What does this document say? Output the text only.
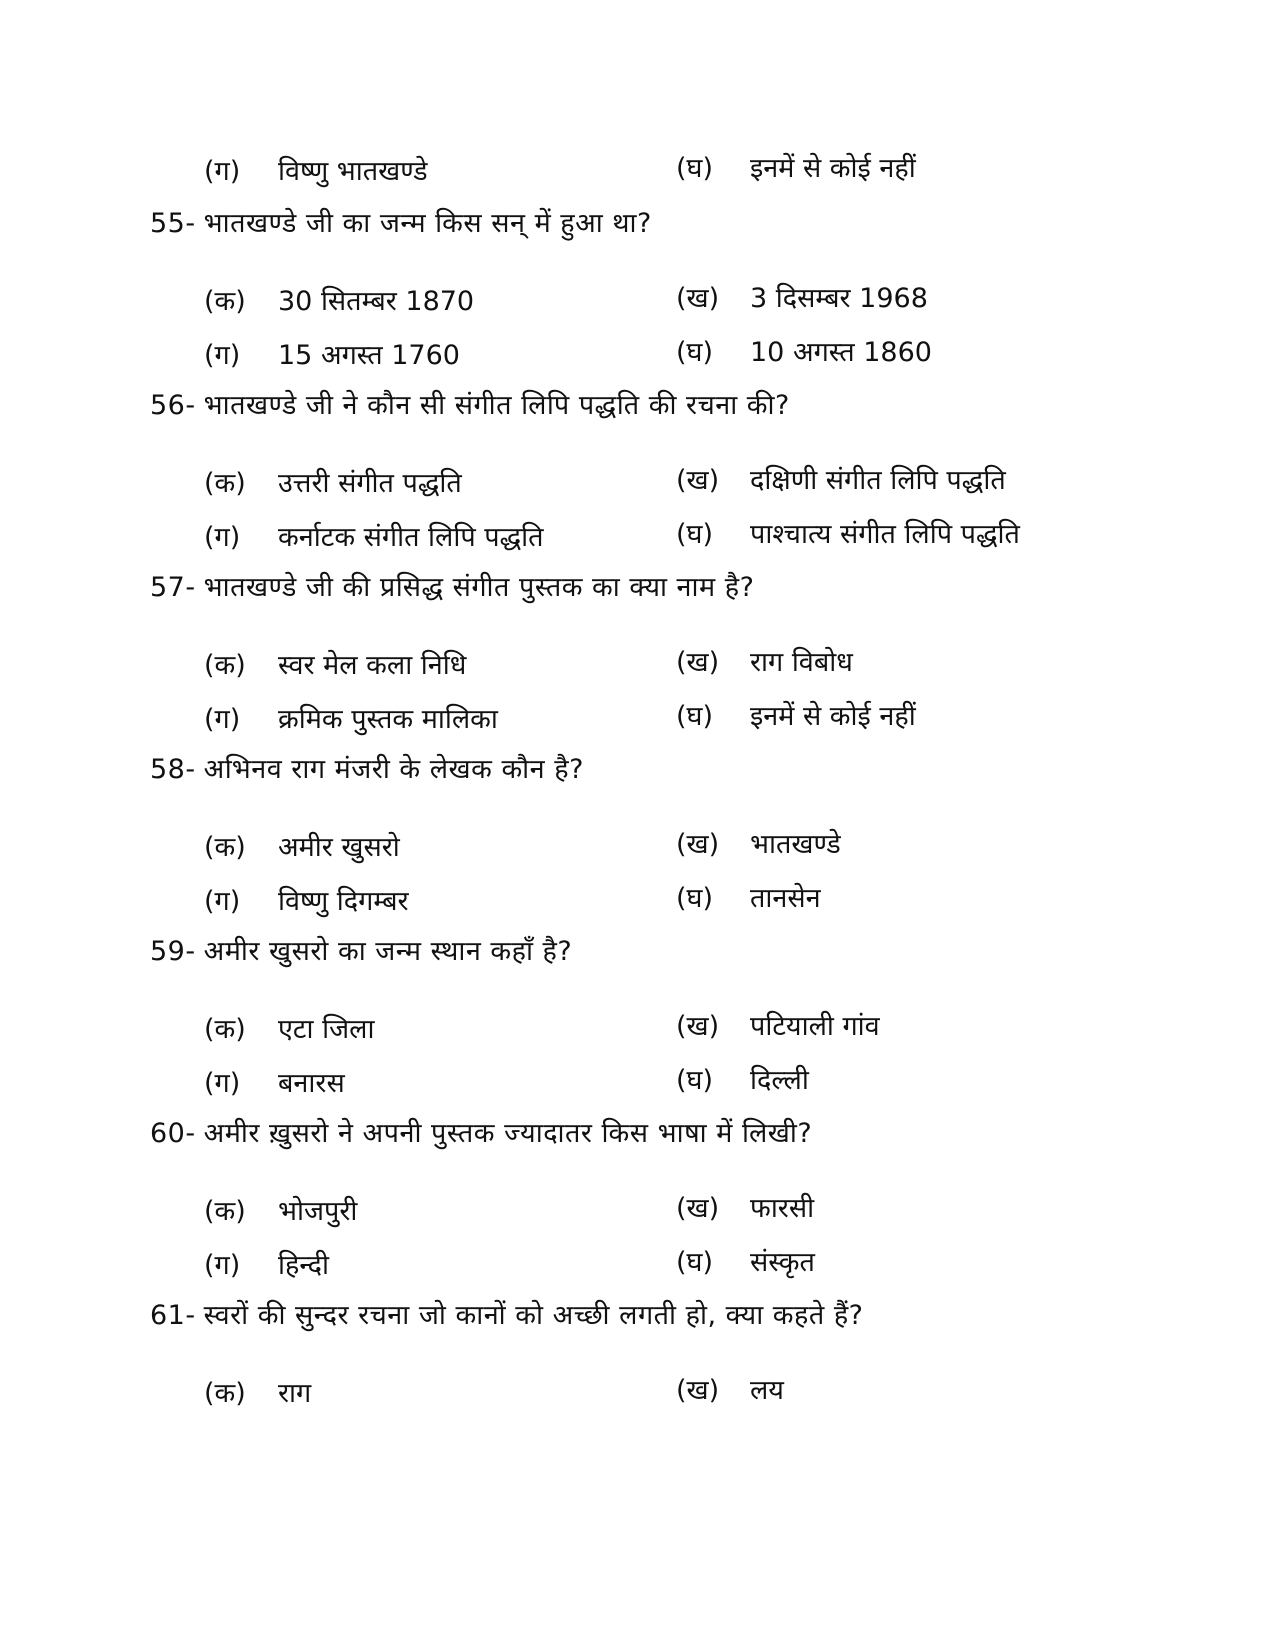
(ग) विष्णु भातखण्डे	(घ) इनमें से कोई नहीं
55- भातखण्डे जी का जन्म किस सन् में हुआ था?
(क) 30 सितम्बर 1870	(ख) 3 दिसम्बर 1968
(ग) 15 अगस्त 1760	(घ) 10 अगस्त 1860
56- भातखण्डे जी ने कौन सी संगीत लिपि पद्धति की रचना की?
(क) उत्तरी संगीत पद्धति	(ख) दक्षिणी संगीत लिपि पद्धति
(ग) कर्नाटक संगीत लिपि पद्धति	(घ) पाश्चात्य संगीत लिपि पद्धति
57- भातखण्डे जी की प्रसिद्ध संगीत पुस्तक का क्या नाम है?
(क) स्वर मेल कला निधि	(ख) राग विबोध
(ग) क्रमिक पुस्तक मालिका	(घ) इनमें से कोई नहीं
58- अभिनव राग मंजरी के लेखक कौन है?
(क) अमीर खुसरो	(ख) भातखण्डे
(ग) विष्णु दिगम्बर	(घ) तानसेन
59- अमीर खुसरो का जन्म स्थान कहाँ है?
(क) एटा जिला	(ख) पटियाली गांव
(ग) बनारस	(घ) दिल्ली
60- अमीर ख़ुसरो ने अपनी पुस्तक ज्यादातर किस भाषा में लिखी?
(क) भोजपुरी	(ख) फारसी
(ग) हिन्दी	(घ) संस्कृत
61- स्वरों की सुन्दर रचना जो कानों को अच्छी लगती हो, क्या कहते हैं?
(क) राग	(ख) लय
